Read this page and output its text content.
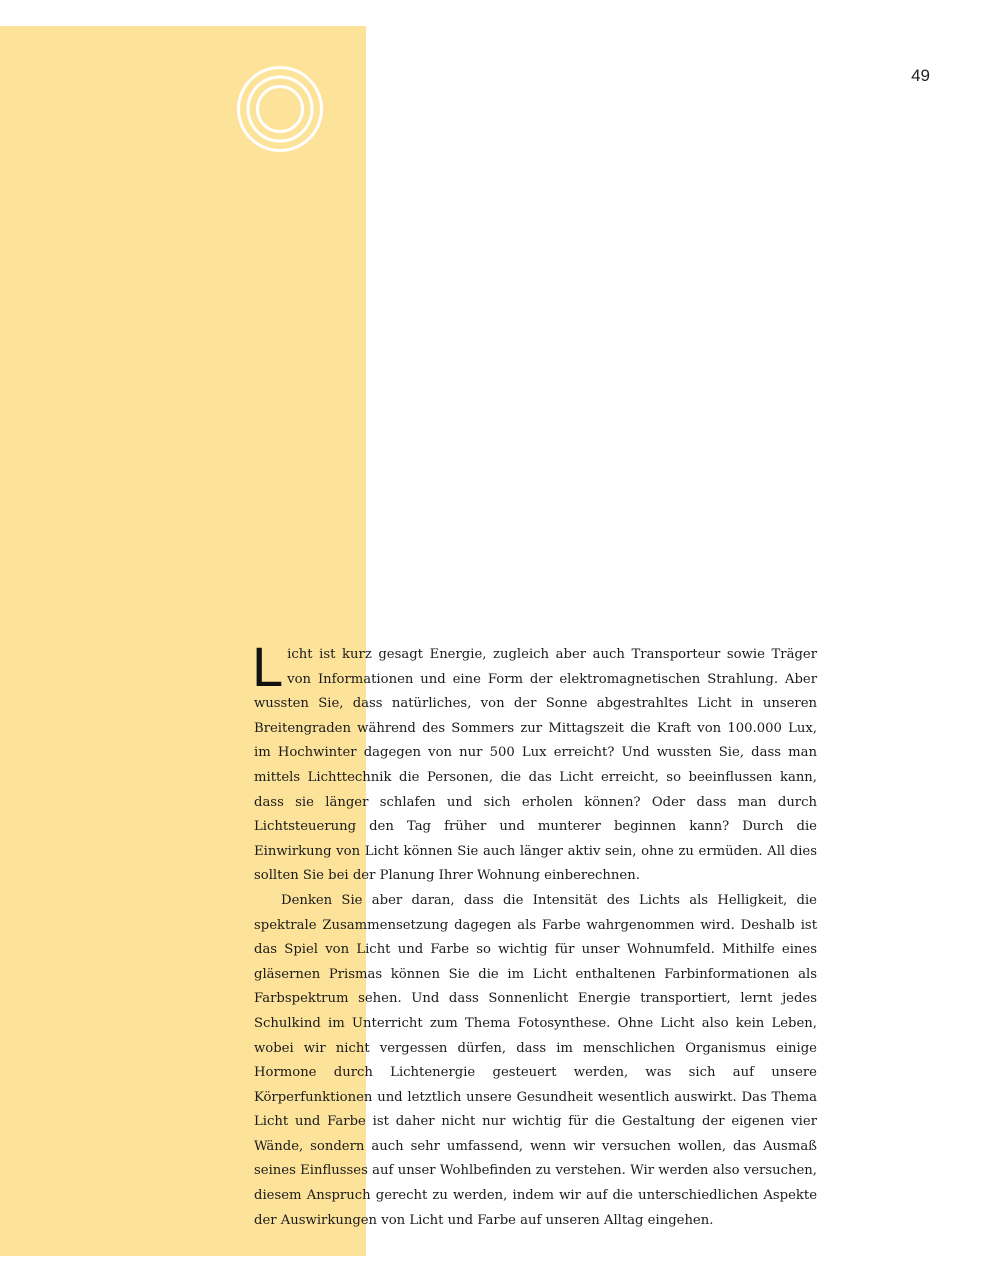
49

Licht ist kurz gesagt Energie, zugleich aber auch Transporteur sowie Träger von Informationen und eine Form der elektromagnetischen Strahlung. Aber wussten Sie, dass natürliches, von der Sonne abgestrahltes Licht in unseren Breitengraden während des Sommers zur Mittagszeit die Kraft von 100.000 Lux, im Hochwinter dagegen von nur 500 Lux erreicht? Und wussten Sie, dass man mittels Lichttechnik die Personen, die das Licht erreicht, so beeinflussen kann, dass sie länger schlafen und sich erholen können? Oder dass man durch Lichtsteuerung den Tag früher und munterer beginnen kann? Durch die Einwirkung von Licht können Sie auch länger aktiv sein, ohne zu ermüden. All dies sollten Sie bei der Planung Ihrer Wohnung einberechnen.

Denken Sie aber daran, dass die Intensität des Lichts als Helligkeit, die spektrale Zusammensetzung dagegen als Farbe wahrgenommen wird. Deshalb ist das Spiel von Licht und Farbe so wichtig für unser Wohnumfeld. Mithilfe eines gläsernen Prismas können Sie die im Licht enthaltenen Farbinformationen als Farbspektrum sehen. Und dass Sonnenlicht Energie transportiert, lernt jedes Schulkind im Unterricht zum Thema Fotosynthese. Ohne Licht also kein Leben, wobei wir nicht vergessen dürfen, dass im menschlichen Organismus einige Hormone durch Lichtenergie gesteuert werden, was sich auf unsere Körperfunktionen und letztlich unsere Gesundheit wesentlich auswirkt. Das Thema Licht und Farbe ist daher nicht nur wichtig für die Gestaltung der eigenen vier Wände, sondern auch sehr umfassend, wenn wir versuchen wollen, das Ausmaß seines Einflusses auf unser Wohlbefinden zu verstehen. Wir werden also versuchen, diesem Anspruch gerecht zu werden, indem wir auf die unterschiedlichen Aspekte der Auswirkungen von Licht und Farbe auf unseren Alltag eingehen.
